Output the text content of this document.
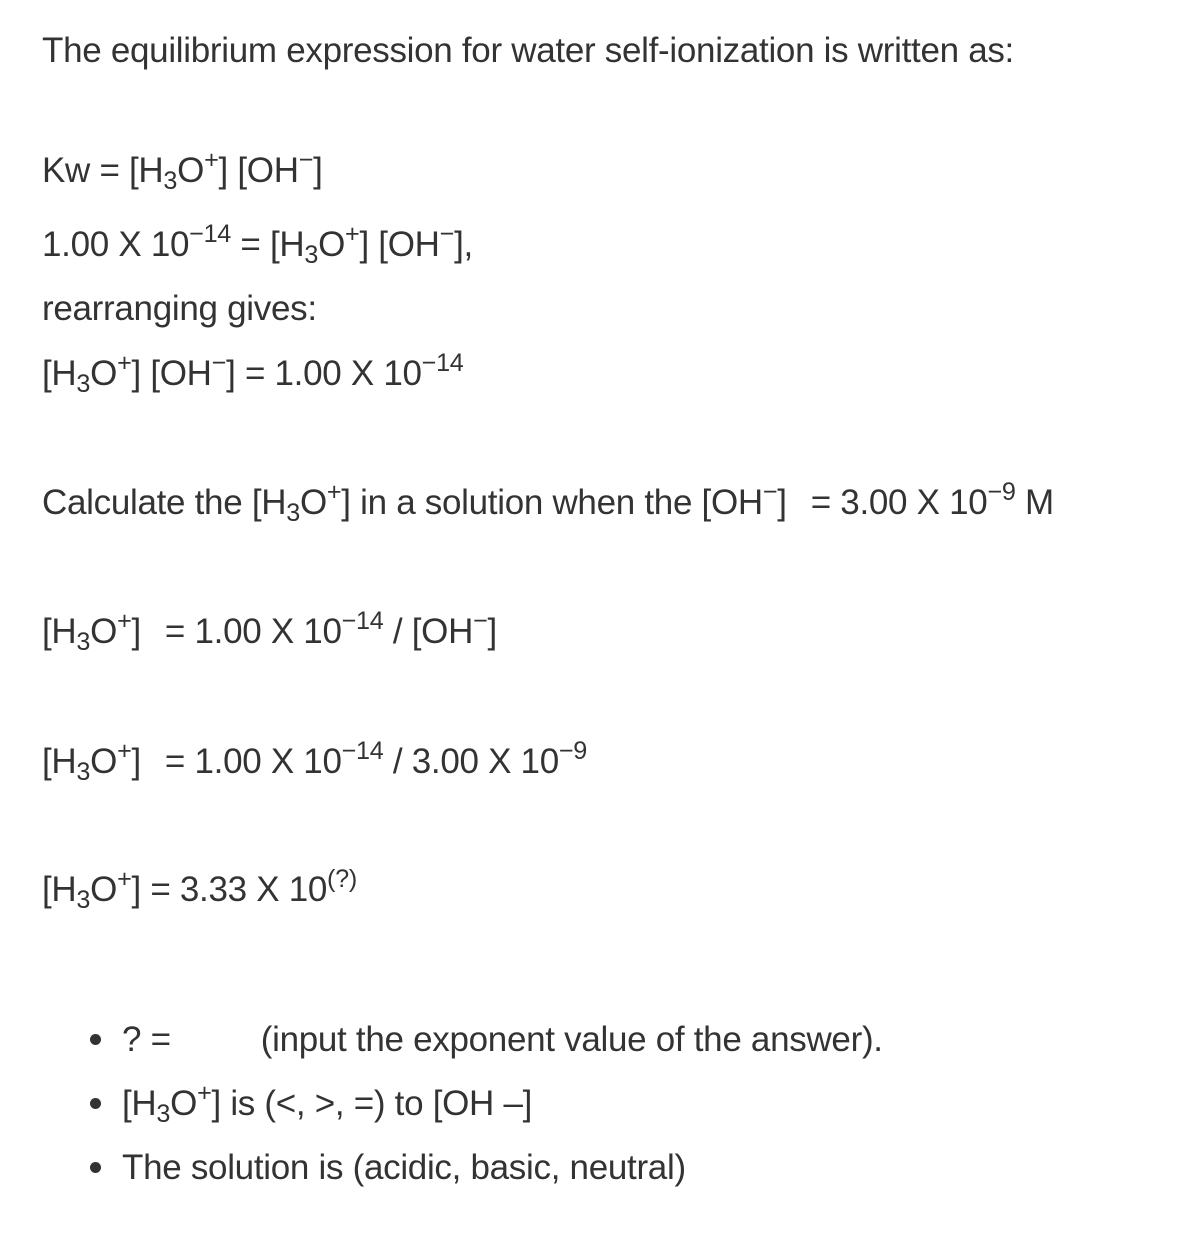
The equilibrium expression for water self-ionization is written as:
$Kw = [H_3O^+]$ [OH−]
1.00 X $10^{-14} = [H_3O^+]$ [OH−],
rearranging gives:
$[H_3O^+] [OH^-] = 1.00$ X $10^{-14}$
Calculate the $[H_3O^+]$ in a solution when the [OH−] = 3.00 X $10^{-9}$ M
$[H_3O^+] = 1.00$ X $10^{-14} / [OH^-]$
$[H_3O^+] = 1.00$ X $10^{-14} / 3.00$ X $10^{-9}$
$[H_3O^+] = 3.33$ X 10(?)
? =	(input the exponent value of the answer).
$[H_3O^+]$ is (<, >, =) to [OH –]
The solution is (acidic, basic, neutral)
